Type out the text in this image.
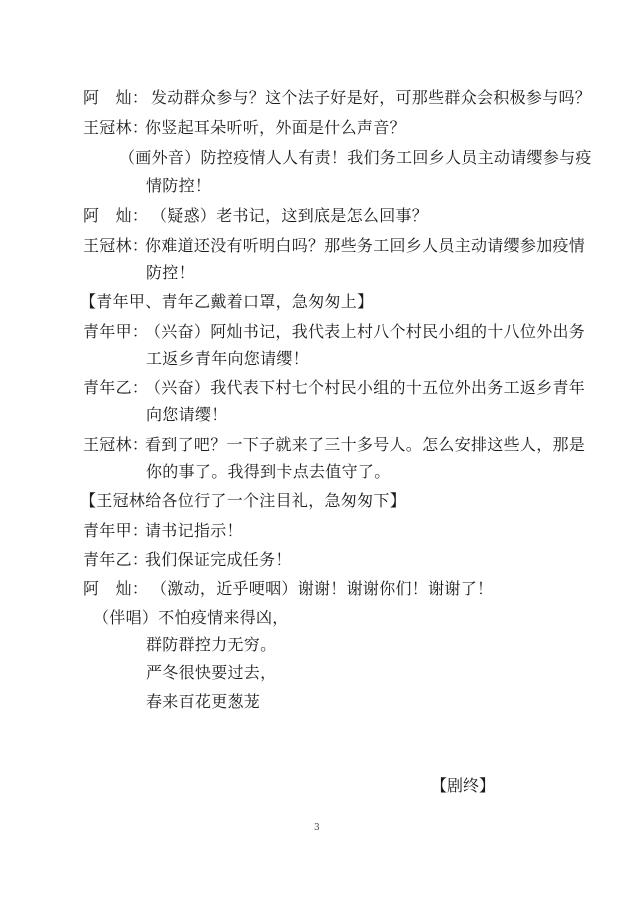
阿　灿： 发动群众参与？这个法子好是好，可那些群众会积极参与吗？
王冠林：你竖起耳朵听听，外面是什么声音？
（画外音）防控疫情人人有责！我们务工回乡人员主动请缨参与疫
情防控！
阿　灿： （疑惑）老书记，这到底是怎么回事？
王冠林：你难道还没有听明白吗？那些务工回乡人员主动请缨参加疫情
防控！
【青年甲、青年乙戴着口罩，急匆匆上】
青年甲：（兴奋）阿灿书记，我代表上村八个村民小组的十八位外出务
工返乡青年向您请缨！
青年乙：（兴奋）我代表下村七个村民小组的十五位外出务工返乡青年
向您请缨！
王冠林：看到了吧？一下子就来了三十多号人。怎么安排这些人，那是
你的事了。我得到卡点去值守了。
【王冠林给各位行了一个注目礼，急匆匆下】
青年甲：请书记指示！
青年乙：我们保证完成任务！
阿　灿： （激动，近乎哽咽）谢谢！谢谢你们！谢谢了！
（伴唱）不怕疫情来得凶，
群防群控力无穷。
严冬很快要过去，
春来百花更葱茏
【剧终】
3
